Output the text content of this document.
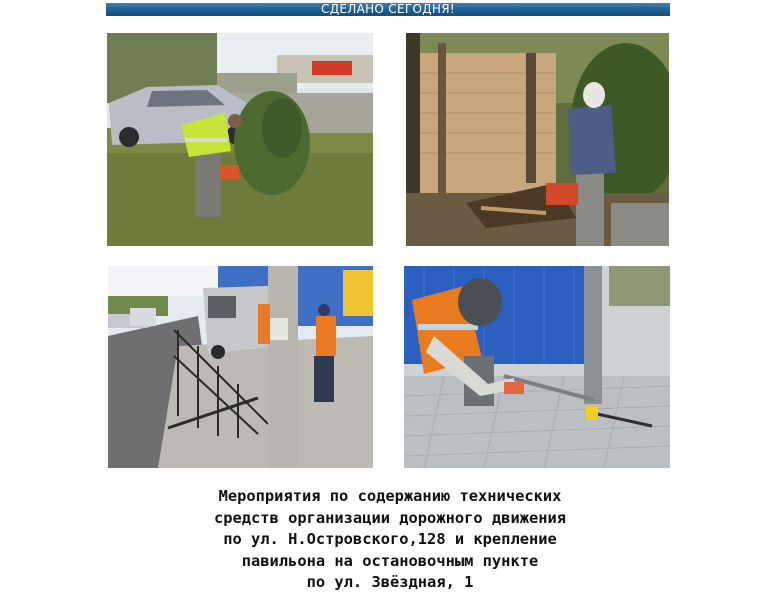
СДЕЛАНО СЕГОДНЯ!
Мероприятия по содержанию технических
средств организации дорожного движения
по ул. Н.Островского,128 и крепление
павильона на остановочным пункте
по ул. Звёздная, 1
